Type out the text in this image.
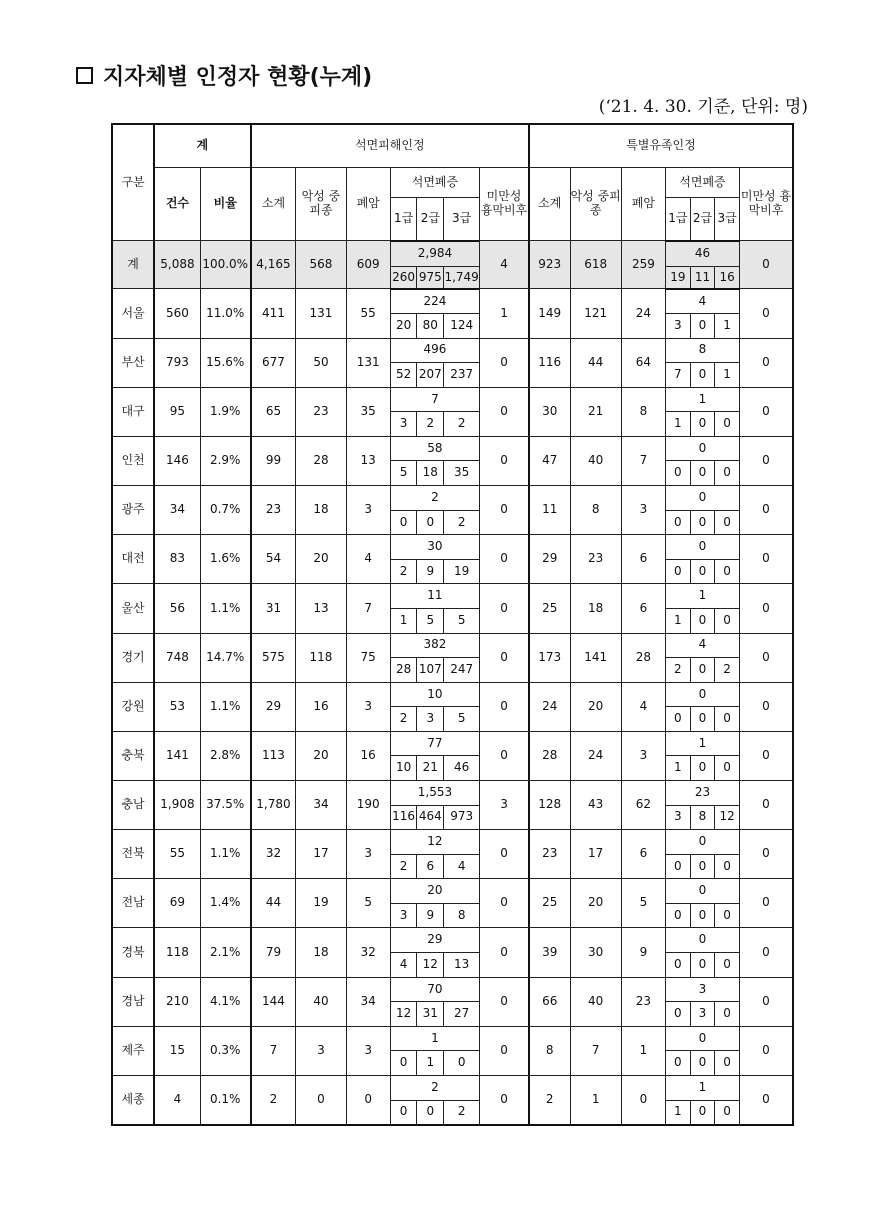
지자체별 인정자 현황(누계)
(‘21. 4. 30. 기준, 단위: 명)
구분	계		석면피해인정							특별유족인정						
	건수	비율	소계	악성 중피종	폐암	석면폐증			미만성 흉막비후	소계	악성 중피종	폐암	석면폐증			미만성 흉막비후
						1급	2급	3급					1급	2급	3급	
계	5,088	100.0%	4,165	568	609	2,984			4	923	618	259	46			0
						260	975	1,749					19	11	16	
서울	560	11.0%	411	131	55	224			1	149	121	24	4			0
						20	80	124					3	0	1	
부산	793	15.6%	677	50	131	496			0	116	44	64	8			0
						52	207	237					7	0	1	
대구	95	1.9%	65	23	35	7			0	30	21	8	1			0
						3	2	2					1	0	0	
인천	146	2.9%	99	28	13	58			0	47	40	7	0			0
						5	18	35					0	0	0	
광주	34	0.7%	23	18	3	2			0	11	8	3	0			0
						0	0	2					0	0	0	
대전	83	1.6%	54	20	4	30			0	29	23	6	0			0
						2	9	19					0	0	0	
울산	56	1.1%	31	13	7	11			0	25	18	6	1			0
						1	5	5					1	0	0	
경기	748	14.7%	575	118	75	382			0	173	141	28	4			0
						28	107	247					2	0	2	
강원	53	1.1%	29	16	3	10			0	24	20	4	0			0
						2	3	5					0	0	0	
충북	141	2.8%	113	20	16	77			0	28	24	3	1			0
						10	21	46					1	0	0	
충남	1,908	37.5%	1,780	34	190	1,553			3	128	43	62	23			0
						116	464	973					3	8	12	
전북	55	1.1%	32	17	3	12			0	23	17	6	0			0
						2	6	4					0	0	0	
전남	69	1.4%	44	19	5	20			0	25	20	5	0			0
						3	9	8					0	0	0	
경북	118	2.1%	79	18	32	29			0	39	30	9	0			0
						4	12	13					0	0	0	
경남	210	4.1%	144	40	34	70			0	66	40	23	3			0
						12	31	27					0	3	0	
제주	15	0.3%	7	3	3	1			0	8	7	1	0			0
						0	1	0					0	0	0	
세종	4	0.1%	2	0	0	2			0	2	1	0	1			0
						0	0	2					1	0	0	
